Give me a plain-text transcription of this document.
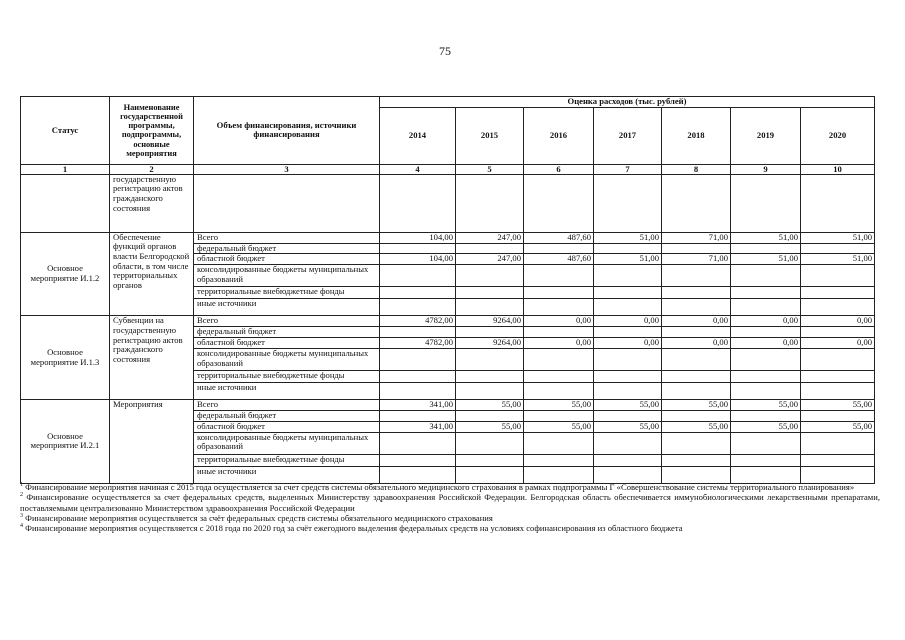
75
Статус	Наименование государственной программы, подпрограммы, основные мероприятия	Объем финансирования, источники финансирования	Оценка расходов (тыс. рублей)						
			2014	2015	2016	2017	2018	2019	2020
1	2	3	4	5	6	7	8	9	10
	государственную регистрацию актов гражданского состояния								
Основное мероприятие И.1.2	Обеспечение функций органов власти Белгородской области, в том числе территориальных органов	Всего	104,00	247,00	487,60	51,00	71,00	51,00	51,00
		федеральный бюджет							
		областной бюджет	104,00	247,00	487,60	51,00	71,00	51,00	51,00
		консолидированные бюджеты муниципальных образований							
		территориальные внебюджетные фонды							
		иные источники							
Основное мероприятие И.1.3	Субвенции на государственную регистрацию актов гражданского состояния	Всего	4782,00	9264,00	0,00	0,00	0,00	0,00	0,00
		федеральный бюджет							
		областной бюджет	4782,00	9264,00	0,00	0,00	0,00	0,00	0,00
		консолидированные бюджеты муниципальных образований							
		территориальные внебюджетные фонды							
		иные источники							
Основное мероприятие И.2.1	Мероприятия	Всего	341,00	55,00	55,00	55,00	55,00	55,00	55,00
		федеральный бюджет							
		областной бюджет	341,00	55,00	55,00	55,00	55,00	55,00	55,00
		консолидированные бюджеты муниципальных образований							
		территориальные внебюджетные фонды							
		иные источники							

$^1$ Финансирование мероприятия начиная с 2015 года осуществляется за счет средств системы обязательного медицинского страхования в рамках подпрограммы Г «Совершенствование системы территориального планирования»

$^2$ Финансирование осуществляется за счет федеральных средств, выделенных Министерству здравоохранения Российской Федерации. Белгородская область обеспечивается иммунобиологическими лекарственными препаратами, поставляемыми централизованно Министерством здравоохранения Российской Федерации

$^3$ Финансирование мероприятия осуществляется за счёт федеральных средств системы обязательного медицинского страхования

$^4$ Финансирование мероприятия осуществляется с 2018 года по 2020 год за счёт ежегодного выделения федеральных средств на условиях софинансирования из областного бюджета
